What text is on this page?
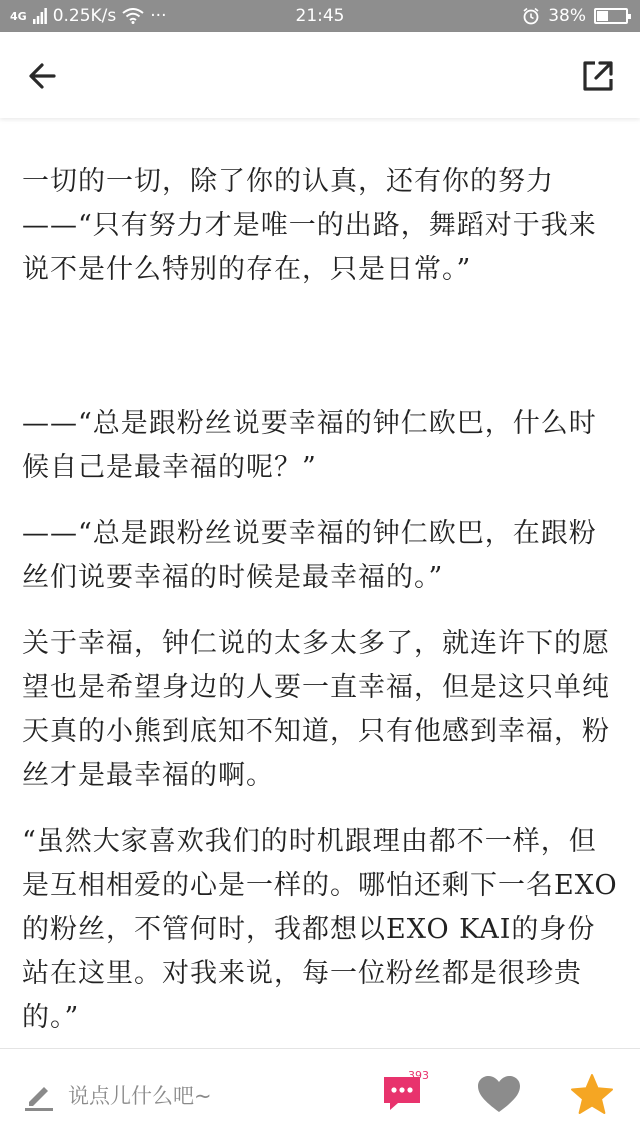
4G 0.25K/s ···	21:45	38%

一切的一切，除了你的认真，还有你的努力
——“只有努力才是唯一的出路，舞蹈对于我来说不是什么特别的存在，只是日常。”

——“总是跟粉丝说要幸福的钟仁欧巴，什么时候自己是最幸福的呢？”

——“总是跟粉丝说要幸福的钟仁欧巴，在跟粉丝们说要幸福的时候是最幸福的。”

关于幸福，钟仁说的太多太多了，就连许下的愿望也是希望身边的人要一直幸福，但是这只单纯天真的小熊到底知不知道，只有他感到幸福，粉丝才是最幸福的啊。

“虽然大家喜欢我们的时机跟理由都不一样，但是互相相爱的心是一样的。哪怕还剩下一名EXO的粉丝，不管何时，我都想以EXO KAI的身份站在这里。对我来说，每一位粉丝都是很珍贵的。”

说点儿什么吧~
393
